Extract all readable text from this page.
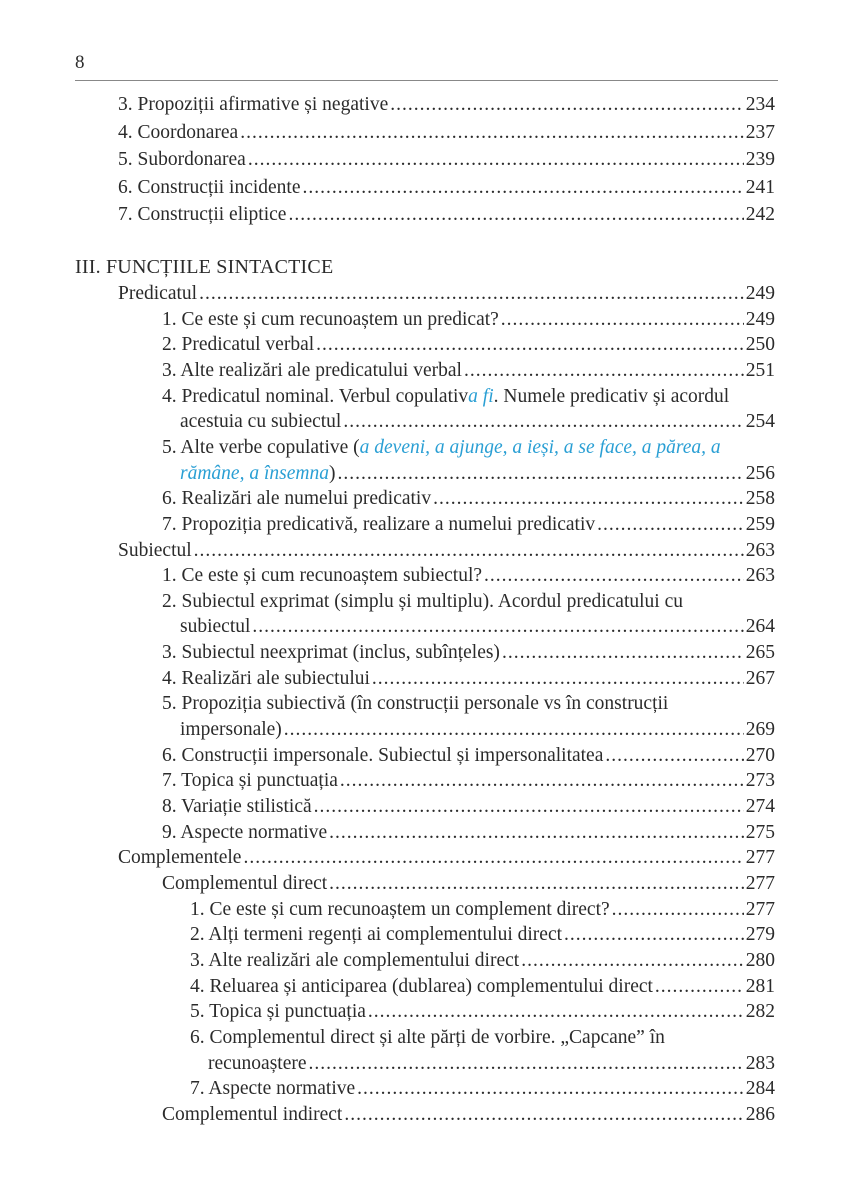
8
III. FUNCȚIILE SINTACTICE
3. Propoziții afirmative și negative .....	234
4. Coordonarea .....	237
5. Subordonarea .....	239
6. Construcții incidente .....	241
7. Construcții eliptice .....	242
Predicatul .....	249
1. Ce este și cum recunoaștem un predicat? .....	249
2. Predicatul verbal .....	250
3. Alte realizări ale predicatului verbal .....	251
4. Predicatul nominal. Verbul copulativ a fi . Numele predicativ și acordul
acestuia cu subiectul .....	254
5. Alte verbe copulative ( a deveni, a ajunge, a ieși, a se face, a părea, a
rămâne, a însemna ) .....	256
6. Realizări ale numelui predicativ .....	258
7. Propoziția predicativă, realizare a numelui predicativ .....	259
Subiectul .....	263
1. Ce este și cum recunoaștem subiectul? .....	263
2. Subiectul exprimat (simplu și multiplu). Acordul predicatului cu
subiectul .....	264
3. Subiectul neexprimat (inclus, subînțeles) .....	265
4. Realizări ale subiectului .....	267
5. Propoziția subiectivă (în construcții personale vs în construcții
impersonale) .....	269
6. Construcții impersonale. Subiectul și impersonalitatea .....	270
7. Topica și punctuația .....	273
8. Variație stilistică .....	274
9. Aspecte normative .....	275
Complementele .....	277
Complementul direct .....	277
1. Ce este și cum recunoaștem un complement direct? .....	277
2. Alți termeni regenți ai complementului direct .....	279
3. Alte realizări ale complementului direct .....	280
4. Reluarea și anticiparea (dublarea) complementului direct .....	281
5. Topica și punctuația .....	282
6. Complementul direct și alte părți de vorbire. „Capcane” în
recunoaștere .....	283
7. Aspecte normative .....	284
Complementul indirect .....	286
